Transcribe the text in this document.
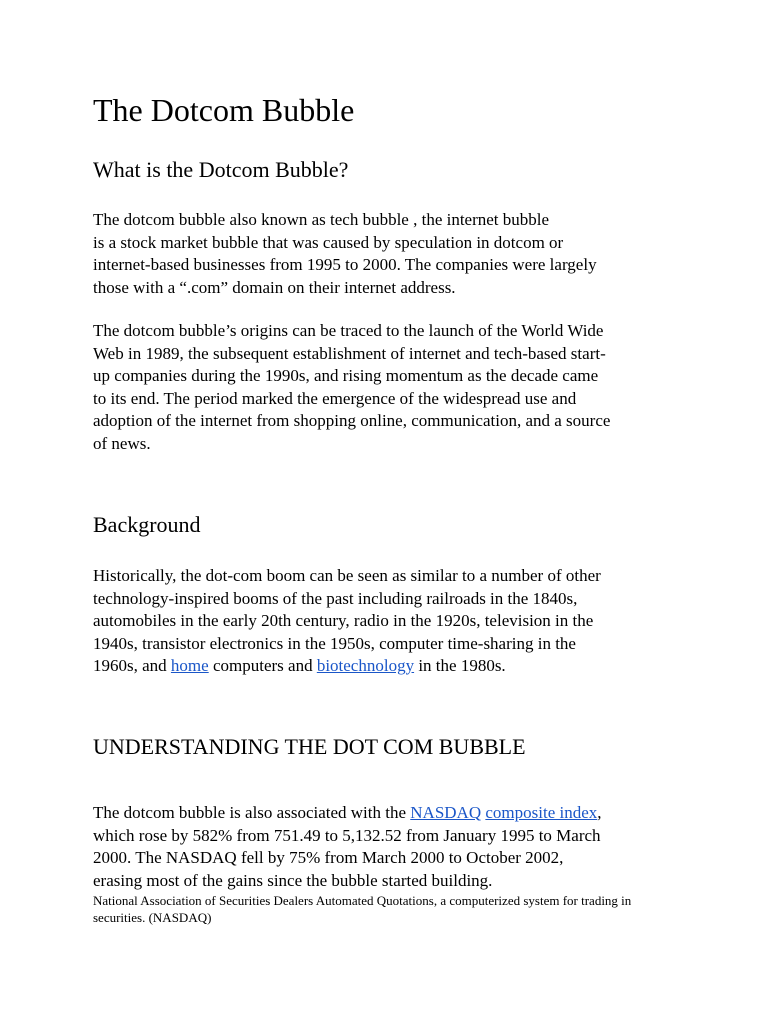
The Dotcom Bubble
What is the Dotcom Bubble?

The dotcom bubble also known as tech bubble , the internet bubble
is a stock market bubble that was caused by speculation in dotcom or
internet-based businesses from 1995 to 2000. The companies were largely
those with a “.com” domain on their internet address.

The dotcom bubble’s origins can be traced to the launch of the World Wide
Web in 1989, the subsequent establishment of internet and tech-based start-
up companies during the 1990s, and rising momentum as the decade came
to its end. The period marked the emergence of the widespread use and
adoption of the internet from shopping online, communication, and a source
of news.

Background

Historically, the dot-com boom can be seen as similar to a number of other
technology-inspired booms of the past including railroads in the 1840s,
automobiles in the early 20th century, radio in the 1920s, television in the
1940s, transistor electronics in the 1950s, computer time-sharing in the
1960s, and home computers and biotechnology in the 1980s.

UNDERSTANDING THE DOT COM BUBBLE

The dotcom bubble is also associated with the NASDAQ composite index,
which rose by 582% from 751.49 to 5,132.52 from January 1995 to March
2000. The NASDAQ fell by 75% from March 2000 to October 2002,
erasing most of the gains since the bubble started building.

National Association of Securities Dealers Automated Quotations, a computerized system for trading in
securities. (NASDAQ)
